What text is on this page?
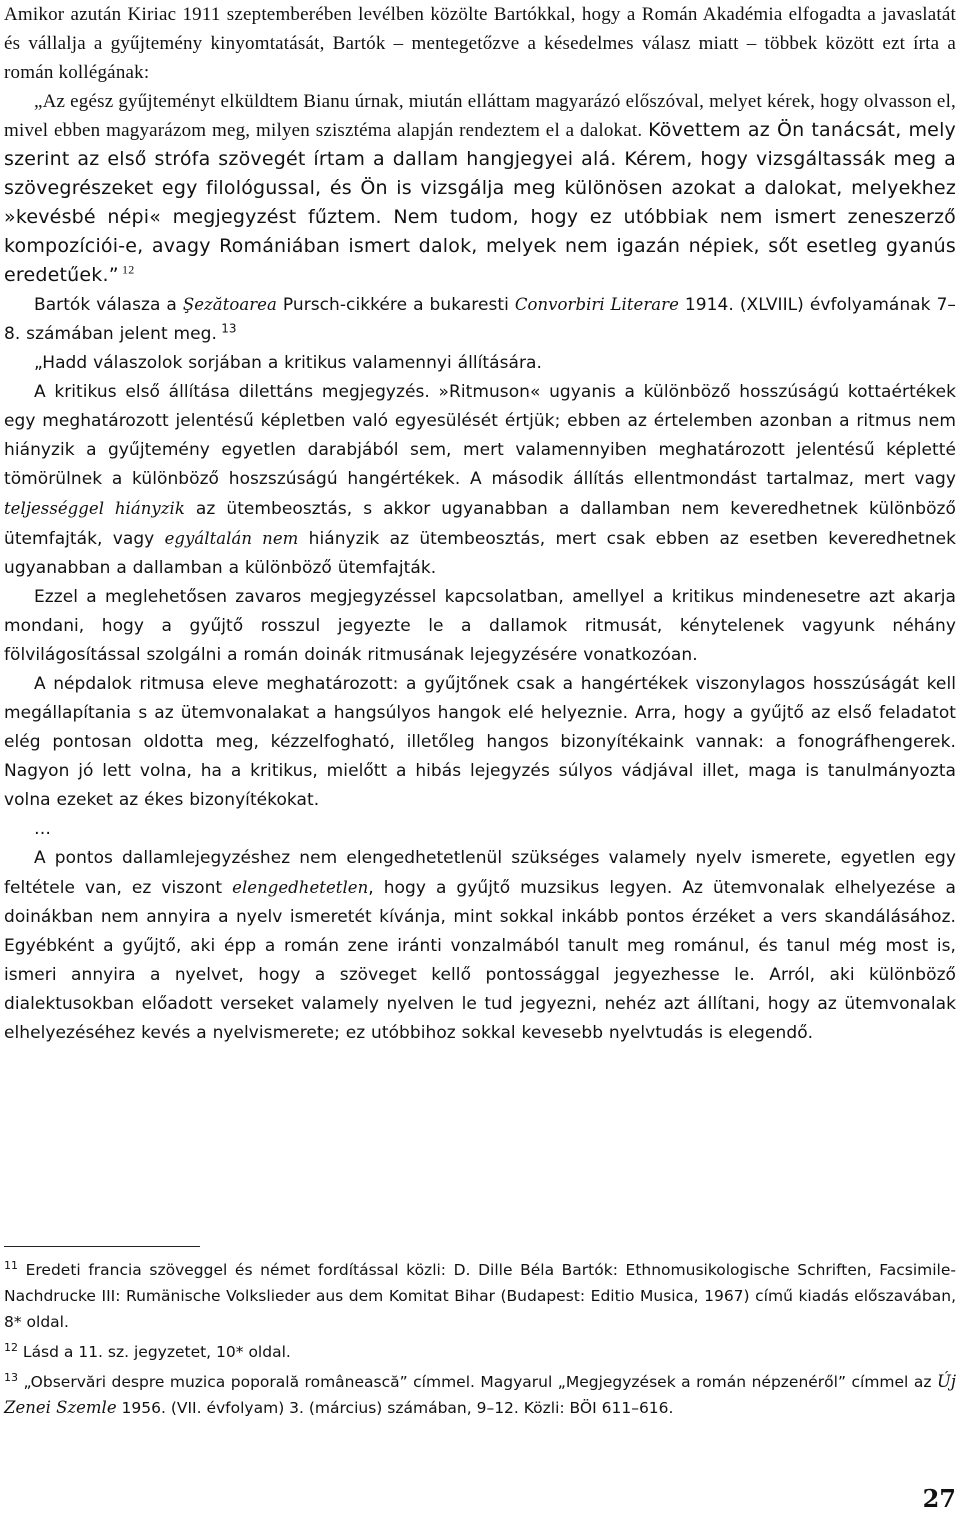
Amikor azután Kiriac 1911 szeptemberében levélben közölte Bartókkal, hogy a Román Akadémia elfogadta a javaslatát és vállalja a gyűjtemény kinyomtatását, Bartók – mentegetőzve a késedelmes válasz miatt – többek között ezt írta a román kollégának:

„Az egész gyűjteményt elküldtem Bianu úrnak, miután elláttam magyarázó előszóval, melyet kérek, hogy olvasson el, mivel ebben magyarázom meg, milyen szisztéma alapján rendeztem el a dalokat. Követtem az Ön tanácsát, mely szerint az első strófa szövegét írtam a dallam hangjegyei alá. Kérem, hogy vizsgáltassák meg a szövegrészeket egy filológussal, és Ön is vizsgálja meg különösen azokat a dalokat, melyekhez »kevésbé népi« megjegyzést fűztem. Nem tudom, hogy ez utóbbiak nem ismert zeneszerző kompozíciói-e, avagy Romániában ismert dalok, melyek nem igazán népiek, sőt esetleg gyanús eredetűek.” $^{12}$

Bartók válasza a Şezătoarea Pursch-cikkére a bukaresti Convorbiri Literare 1914. (XLVIIL) évfolyamának 7–8. számában jelent meg. $^{13}$

„Hadd válaszolok sorjában a kritikus valamennyi állítására.

A kritikus első állítása dilettáns megjegyzés. »Ritmuson« ugyanis a különböző hosszúságú kottaértékek egy meghatározott jelentésű képletben való egyesülését értjük; ebben az értelemben azonban a ritmus nem hiányzik a gyűjtemény egyetlen darabjából sem, mert valamennyiben meghatározott jelentésű képletté tömörülnek a különböző hoszszúságú hangértékek. A második állítás ellentmondást tartalmaz, mert vagy teljességgel hiányzik az ütembeosztás, s akkor ugyanabban a dallamban nem keveredhetnek különböző ütemfajták, vagy egyáltalán nem hiányzik az ütembeosztás, mert csak ebben az esetben keveredhetnek ugyanabban a dallamban a különböző ütemfajták.

Ezzel a meglehetősen zavaros megjegyzéssel kapcsolatban, amellyel a kritikus mindenesetre azt akarja mondani, hogy a gyűjtő rosszul jegyezte le a dallamok ritmusát, kénytelenek vagyunk néhány fölvilágosítással szolgálni a román doinák ritmusának lejegyzésére vonatkozóan.

A népdalok ritmusa eleve meghatározott: a gyűjtőnek csak a hangértékek viszonylagos hosszúságát kell megállapítania s az ütemvonalakat a hangsúlyos hangok elé helyeznie. Arra, hogy a gyűjtő az első feladatot elég pontosan oldotta meg, kézzelfogható, illetőleg hangos bizonyítékaink vannak: a fonográfhengerek. Nagyon jó lett volna, ha a kritikus, mielőtt a hibás lejegyzés súlyos vádjával illet, maga is tanulmányozta volna ezeket az ékes bizonyítékokat.

…

A pontos dallamlejegyzéshez nem elengedhetetlenül szükséges valamely nyelv ismerete, egyetlen egy feltétele van, ez viszont elengedhetetlen, hogy a gyűjtő muzsikus legyen. Az ütemvonalak elhelyezése a doinákban nem annyira a nyelv ismeretét kívánja, mint sokkal inkább pontos érzéket a vers skandálásához. Egyébként a gyűjtő, aki épp a román zene iránti vonzalmából tanult meg románul, és tanul még most is, ismeri annyira a nyelvet, hogy a szöveget kellő pontossággal jegyezhesse le. Arról, aki különböző dialektusokban előadott verseket valamely nyelven le tud jegyezni, nehéz azt állítani, hogy az ütemvonalak elhelyezéséhez kevés a nyelvismerete; ez utóbbihoz sokkal kevesebb nyelvtudás is elegendő.

$^{11}$ Eredeti francia szöveggel és német fordítással közli: D. Dille Béla Bartók: Ethnomusikologische Schriften, Facsimile-Nachdrucke III: Rumänische Volkslieder aus dem Komitat Bihar (Budapest: Editio Musica, 1967) című kiadás előszavában, 8* oldal.

$^{12}$ Lásd a 11. sz. jegyzetet, 10* oldal.

$^{13}$ „Observări despre muzica poporală românească” címmel. Magyarul „Megjegyzések a román népzenéről” címmel az Új Zenei Szemle 1956. (VII. évfolyam) 3. (március) számában, 9–12. Közli: BÖI 611–616.

27
